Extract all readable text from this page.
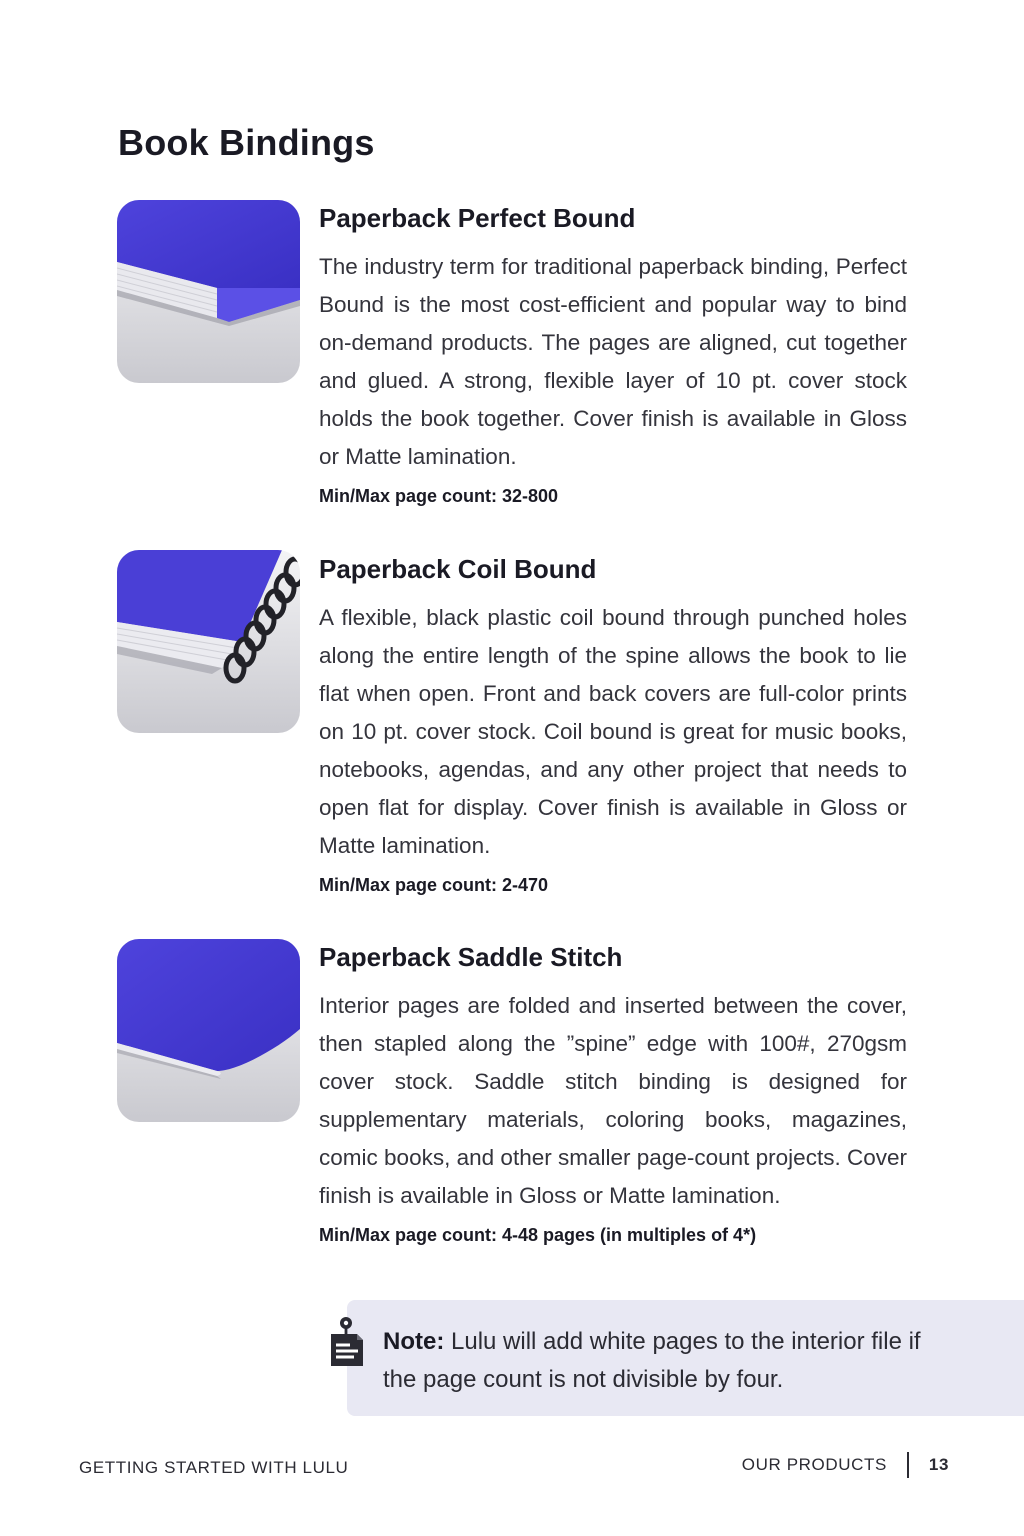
Book Bindings
Paperback Perfect Bound

The industry term for traditional paperback binding, Perfect Bound is the most cost-efficient and popular way to bind on-demand products. The pages are aligned, cut together and glued. A strong, flexible layer of 10 pt. cover stock holds the book together. Cover finish is available in Gloss or Matte lamination.

Min/Max page count: 32-800

Paperback Coil Bound

A flexible, black plastic coil bound through punched holes along the entire length of the spine allows the book to lie flat when open. Front and back covers are full-color prints on 10 pt. cover stock. Coil bound is great for music books, notebooks, agendas, and any other project that needs to open flat for display. Cover finish is available in Gloss or Matte lamination.

Min/Max page count: 2-470

Paperback Saddle Stitch

Interior pages are folded and inserted between the cover, then stapled along the ”spine” edge with 100#, 270gsm cover stock. Saddle stitch binding is designed for supplementary materials, coloring books, magazines, comic books, and other smaller page-count projects. Cover finish is available in Gloss or Matte lamination.

Min/Max page count: 4-48 pages (in multiples of 4*)

Note: Lulu will add white pages to the interior file if the page count is not divisible by four.

GETTING STARTED WITH LULU	OUR PRODUCTS 13
